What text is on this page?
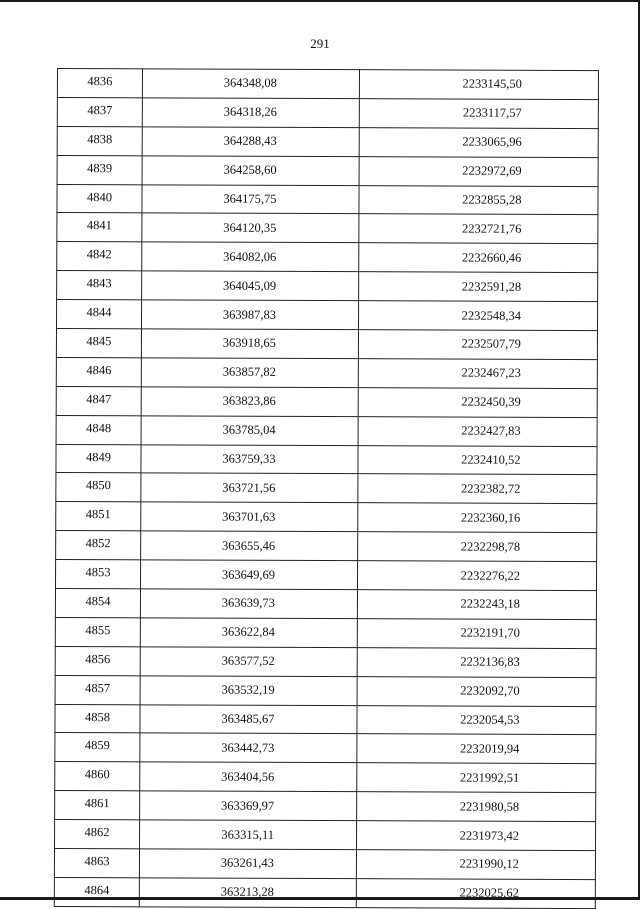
291
4836	364348,08	2233145,50
4837	364318,26	2233117,57
4838	364288,43	2233065,96
4839	364258,60	2232972,69
4840	364175,75	2232855,28
4841	364120,35	2232721,76
4842	364082,06	2232660,46
4843	364045,09	2232591,28
4844	363987,83	2232548,34
4845	363918,65	2232507,79
4846	363857,82	2232467,23
4847	363823,86	2232450,39
4848	363785,04	2232427,83
4849	363759,33	2232410,52
4850	363721,56	2232382,72
4851	363701,63	2232360,16
4852	363655,46	2232298,78
4853	363649,69	2232276,22
4854	363639,73	2232243,18
4855	363622,84	2232191,70
4856	363577,52	2232136,83
4857	363532,19	2232092,70
4858	363485,67	2232054,53
4859	363442,73	2232019,94
4860	363404,56	2231992,51
4861	363369,97	2231980,58
4862	363315,11	2231973,42
4863	363261,43	2231990,12
4864	363213,28	2232025,62
